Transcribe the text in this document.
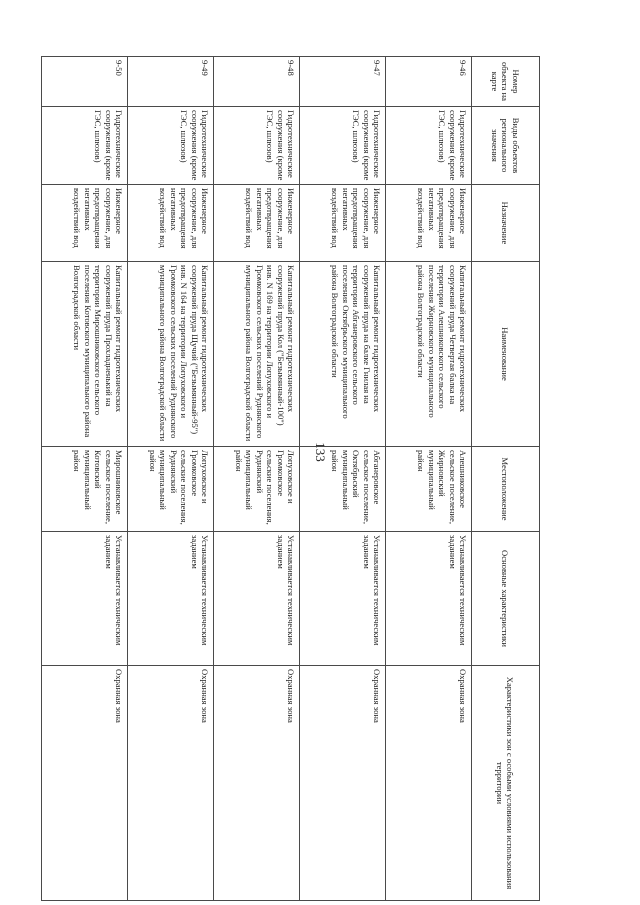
133
Номер объекта на карте	Виды объектов регионального значения	Назначение	Наименование	Местоположение	Основные характеристики	Характеристики зон с особыми условиями использования территории
9-46	Гидротехнические сооружения (кроме ГЭС, шлюзов)	Инженерное сооружение, для предотвращения негативных воздействий вод	Капитальный ремонт гидротехнических сооружений пруда Четвертая балка на территории Алешниковского сельского поселения Жирновского муниципального района Волгоградской области	Алешниковское сельское поселение, Жирновский муниципальный район	Устанавливается техническим заданием	Охранная зона
9-47	Гидротехнические сооружения (кроме ГЭС, шлюзов)	Инженерное сооружение, для предотвращения негативных воздействий вод	Капитальный ремонт гидротехнических сооружений пруда на балке Гнилая на территории Абганеровского сельского поселения Октябрьского муниципального района Волгоградской области	Абганеровское сельское поселение, Октябрьский муниципальный район	Устанавливается техническим заданием	Охранная зона
9-48	Гидротехнические сооружения (кроме ГЭС, шлюзов)	Инженерное сооружение, для предотвращения негативных воздействий вод	Капитальный ремонт гидротехнических сооружений пруда Кол ("Безымянный-100") инв. N 169 на территории Лопуховского и Громковского сельских поселений Руднянского муниципального района Волгоградской области	Лопуховское и Громковское сельские поселения, Руднянский муниципальный район	Устанавливается техническим заданием	Охранная зона
9-49	Гидротехнические сооружения (кроме ГЭС, шлюзов)	Инженерное сооружение, для предотвращения негативных воздействий вод	Капитальный ремонт гидротехнических сооружений пруда Щучий ("Безымянный-95") инв. N 164 на территории Лопуховского и Громковского сельских поселений Руднянского муниципального района Волгоградской области	Лопуховское и Громковское сельские поселения, Руднянский муниципальный район	Устанавливается техническим заданием	Охранная зона
9-50	Гидротехнические сооружения (кроме ГЭС, шлюзов)	Инженерное сооружение, для предотвращения негативных воздействий вод	Капитальный ремонт гидротехнических сооружений пруда Прохладненький на территории Мирошниковского сельского поселения Котовского муниципального района Волгоградской области	Мирошниковское сельское поселение, Котовский муниципальный район	Устанавливается техническим заданием	Охранная зона
